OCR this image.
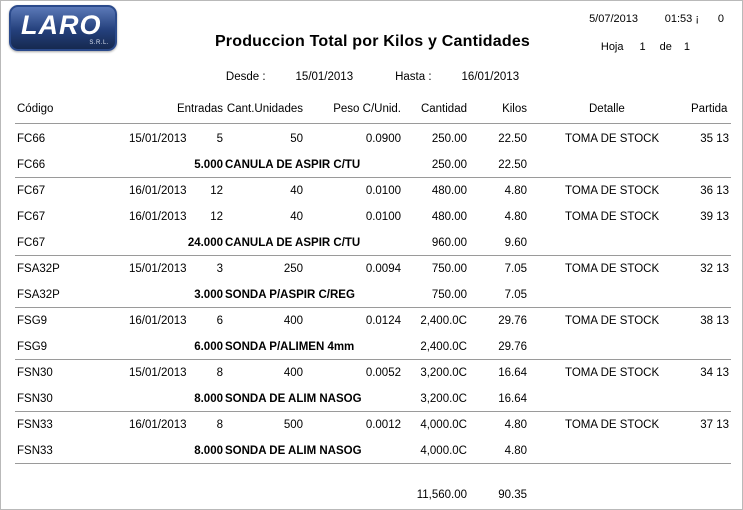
LARO
S.R.L.
5/07/2013 01:53 ¡	0
Produccion Total por Kilos y Cantidades	Hoja 1 de 1
Desde :	15/01/2013	Hasta :	16/01/2013
Código	Entradas Cant.Unidades	Peso C/Unid.	Cantidad	Kilos	Detalle	Partida
FC66	15/01/2013	5	50	0.0900	250.00	22.50	TOMA DE STOCK	35 13
FC66	5.000 CANULA DE ASPIR C/TU	250.00	22.50
FC67	16/01/2013	12	40	0.0100	480.00	4.80	TOMA DE STOCK	36 13
FC67	16/01/2013	12	40	0.0100	480.00	4.80	TOMA DE STOCK	39 13
FC67	24.000 CANULA DE ASPIR C/TU	960.00	9.60
FSA32P	15/01/2013	3	250	0.0094	750.00	7.05	TOMA DE STOCK	32 13
FSA32P	3.000 SONDA P/ASPIR C/REG	750.00	7.05
FSG9	16/01/2013	6	400	0.0124	2,400.0C	29.76	TOMA DE STOCK	38 13
FSG9	6.000 SONDA P/ALIMEN 4mm	2,400.0C	29.76
FSN30	15/01/2013	8	400	0.0052	3,200.0C	16.64	TOMA DE STOCK	34 13
FSN30	8.000 SONDA DE ALIM NASOG	3,200.0C	16.64
FSN33	16/01/2013	8	500	0.0012	4,000.0C	4.80	TOMA DE STOCK	37 13
FSN33	8.000 SONDA DE ALIM NASOG	4,000.0C	4.80
11,560.00	90.35
